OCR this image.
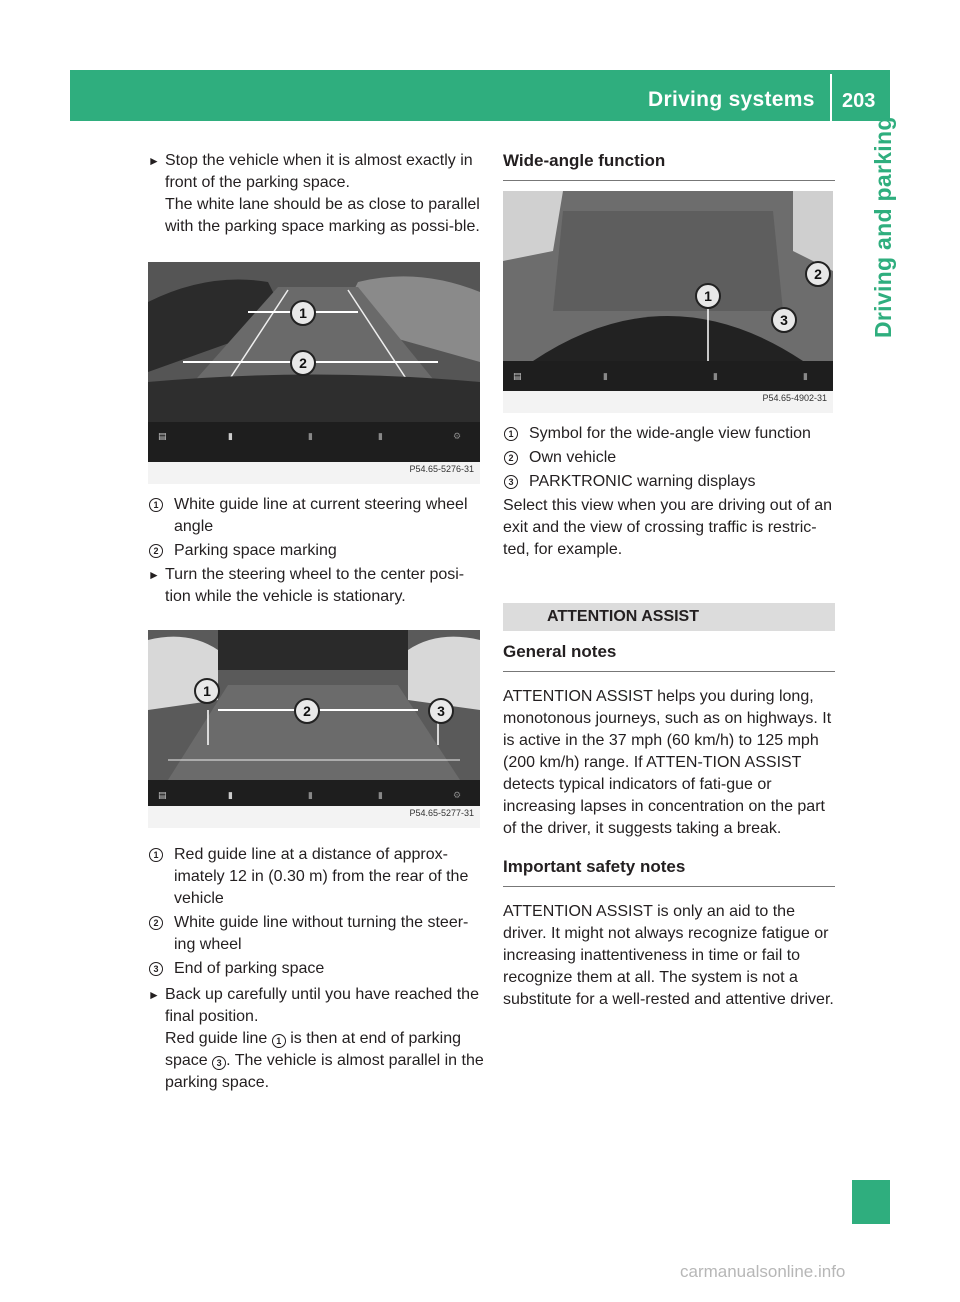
Driving systems 203
Driving and parking

► Stop the vehicle when it is almost exactly in front of the parking space.
The white lane should be as close to parallel with the parking space marking as possi-ble.

▤	▮	▮	▮	⚙
1
2
P54.65-5276-31

1 White guide line at current steering wheel angle

2 Parking space marking

► Turn the steering wheel to the center posi-tion while the vehicle is stationary.

▤	▮	▮	▮	⚙
1
2	3
P54.65-5277-31

1 Red guide line at a distance of approx-imately 12 in (0.30 m) from the rear of the vehicle

2 White guide line without turning the steer-ing wheel

3 End of parking space

► Back up carefully until you have reached the final position.
Red guide line 1 is then at end of parking space 3 . The vehicle is almost parallel in the parking space.

Wide-angle function

▤	▮	▮	▮
1
2
3
P54.65-4902-31

1 Symbol for the wide-angle view function

2 Own vehicle

3 PARKTRONIC warning displays

Select this view when you are driving out of an exit and the view of crossing traffic is restric-ted, for example.

ATTENTION ASSIST

General notes

ATTENTION ASSIST helps you during long, monotonous journeys, such as on highways. It is active in the 37 mph (60 km/h) to 125 mph (200 km/h) range. If ATTEN-TION ASSIST detects typical indicators of fati-gue or increasing lapses in concentration on the part of the driver, it suggests taking a break.

Important safety notes

ATTENTION ASSIST is only an aid to the driver. It might not always recognize fatigue or increasing inattentiveness in time or fail to recognize them at all. The system is not a substitute for a well-rested and attentive driver.

carmanualsonline.info
